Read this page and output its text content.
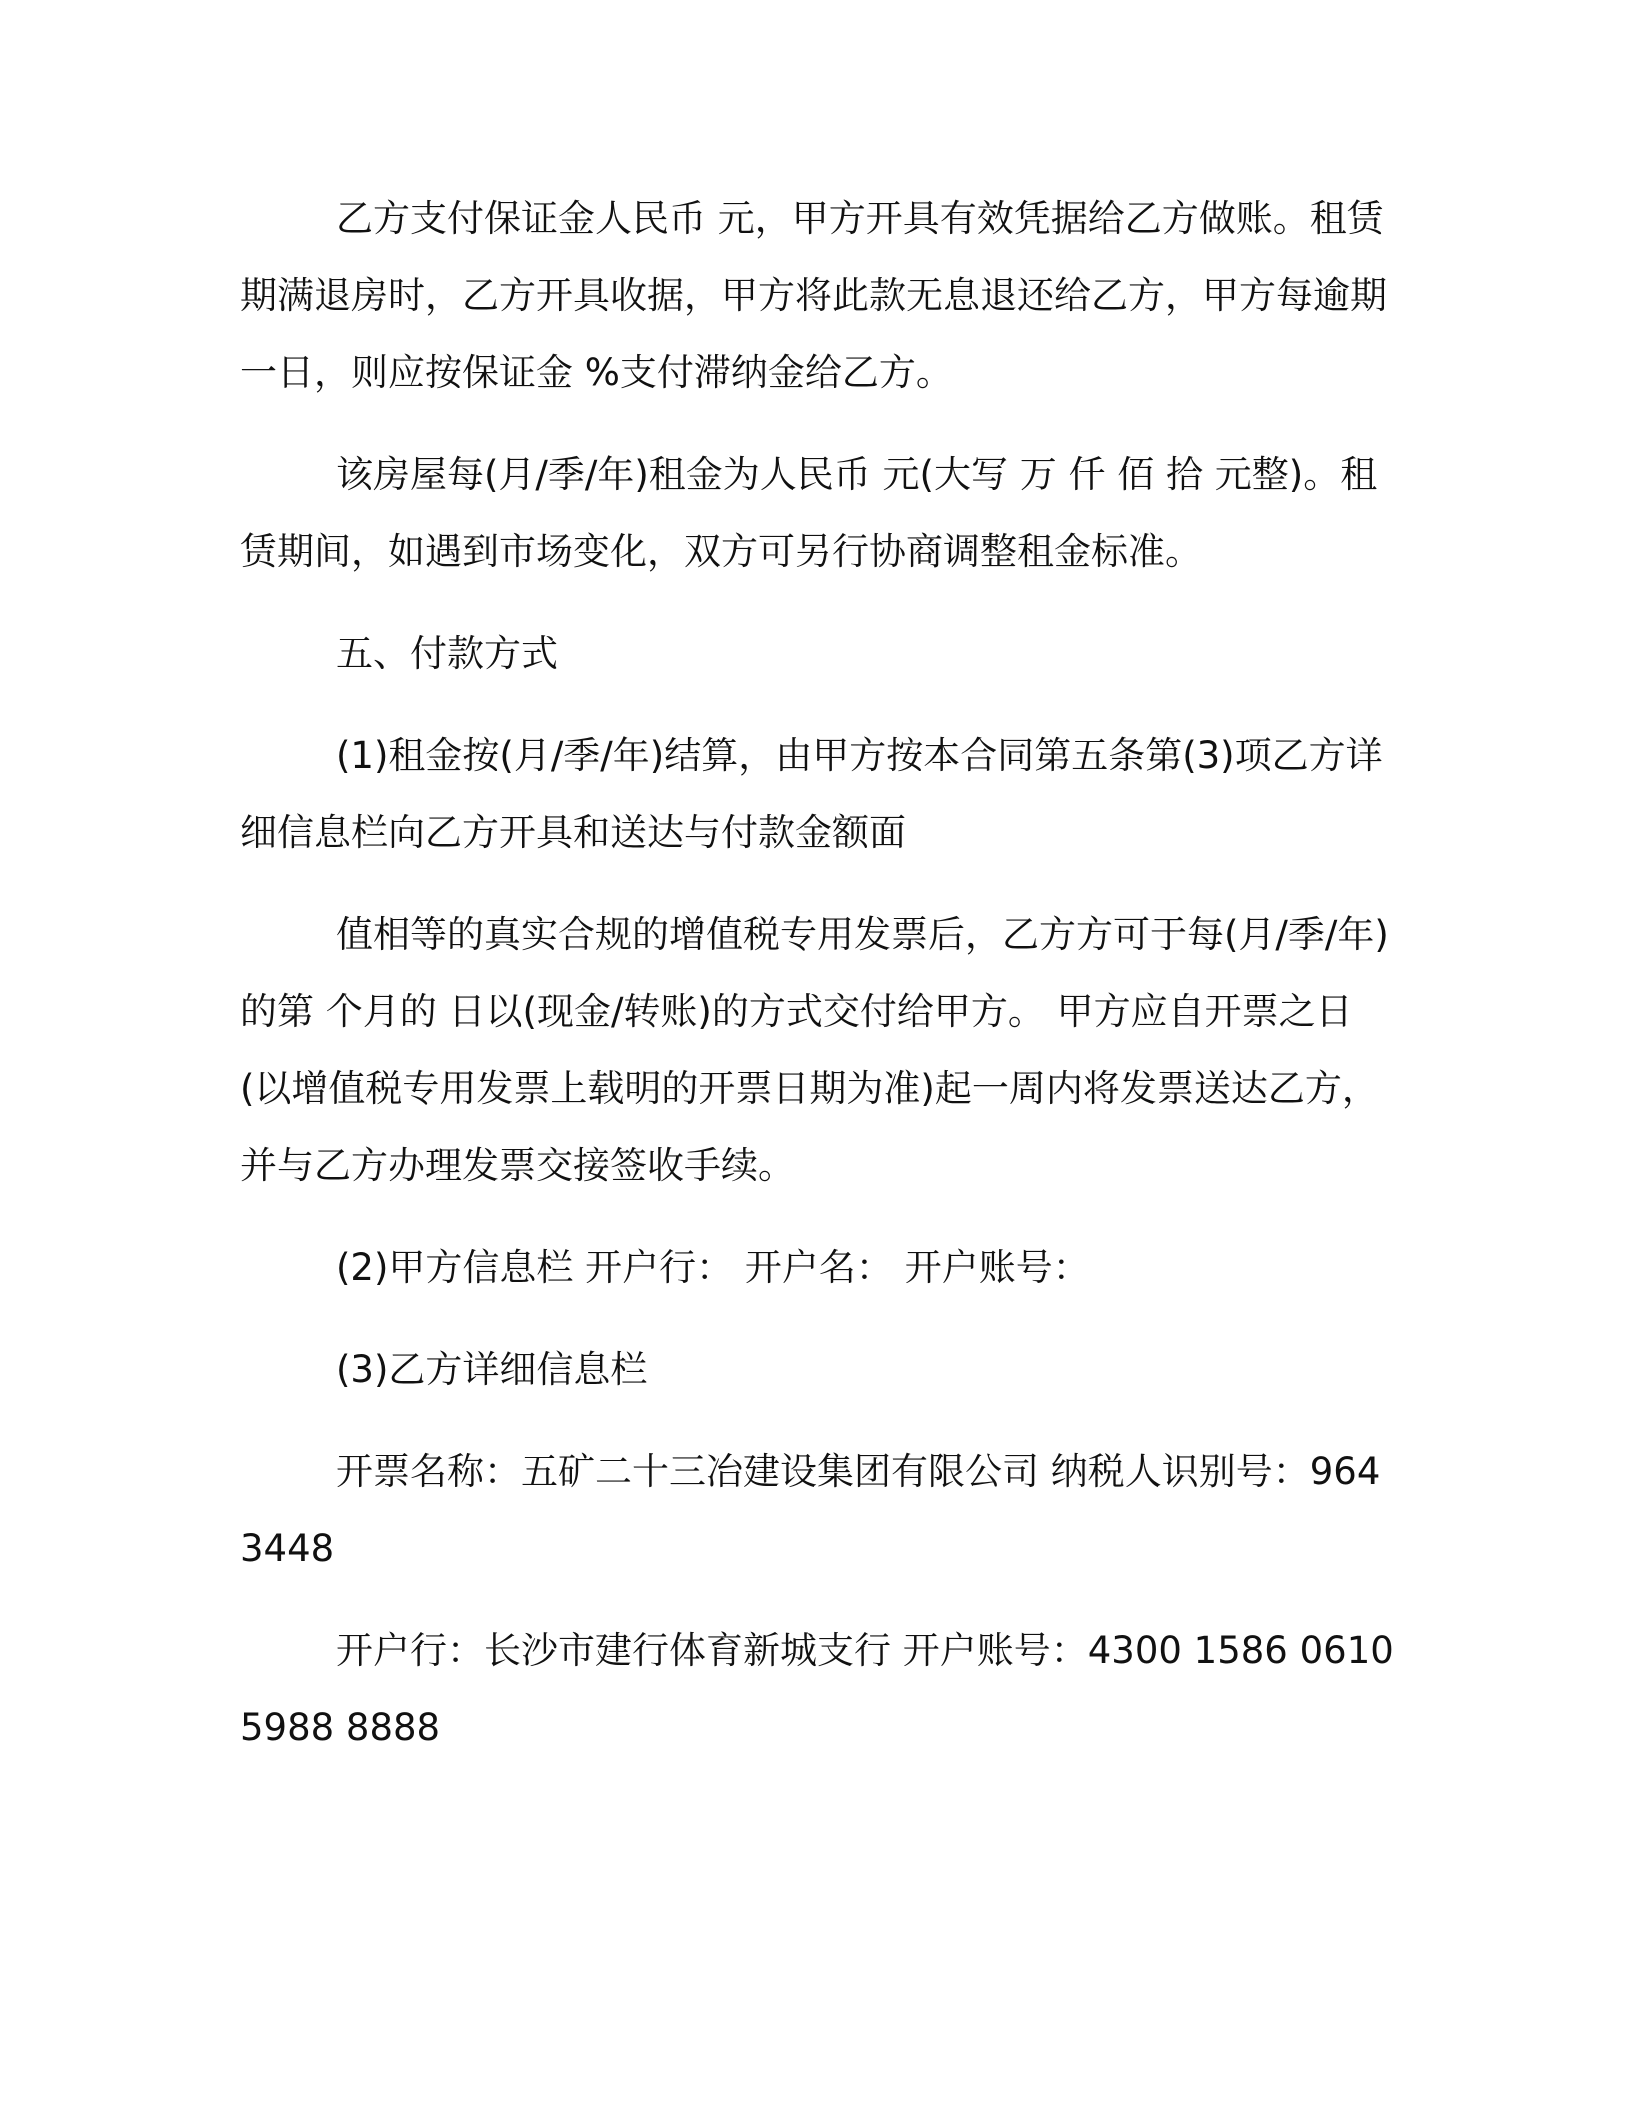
乙方支付保证金人民币 元，甲方开具有效凭据给乙方做账。租赁期满退房时，乙方开具收据，甲方将此款无息退还给乙方，甲方每逾期一日，则应按保证金 %支付滞纳金给乙方。

该房屋每(月/季/年)租金为人民币 元(大写 万 仟 佰 拾 元整)。租赁期间，如遇到市场变化，双方可另行协商调整租金标准。

五、付款方式

(1)租金按(月/季/年)结算，由甲方按本合同第五条第(3)项乙方详细信息栏向乙方开具和送达与付款金额面

值相等的真实合规的增值税专用发票后，乙方方可于每(月/季/年)的第 个月的 日以(现金/转账)的方式交付给甲方。 甲方应自开票之日(以增值税专用发票上载明的开票日期为准)起一周内将发票送达乙方，并与乙方办理发票交接签收手续。

(2)甲方信息栏 开户行： 开户名： 开户账号：

(3)乙方详细信息栏

开票名称：五矿二十三冶建设集团有限公司 纳税人识别号：9643448

开户行：长沙市建行体育新城支行 开户账号：4300 1586 0610 5988 8888
